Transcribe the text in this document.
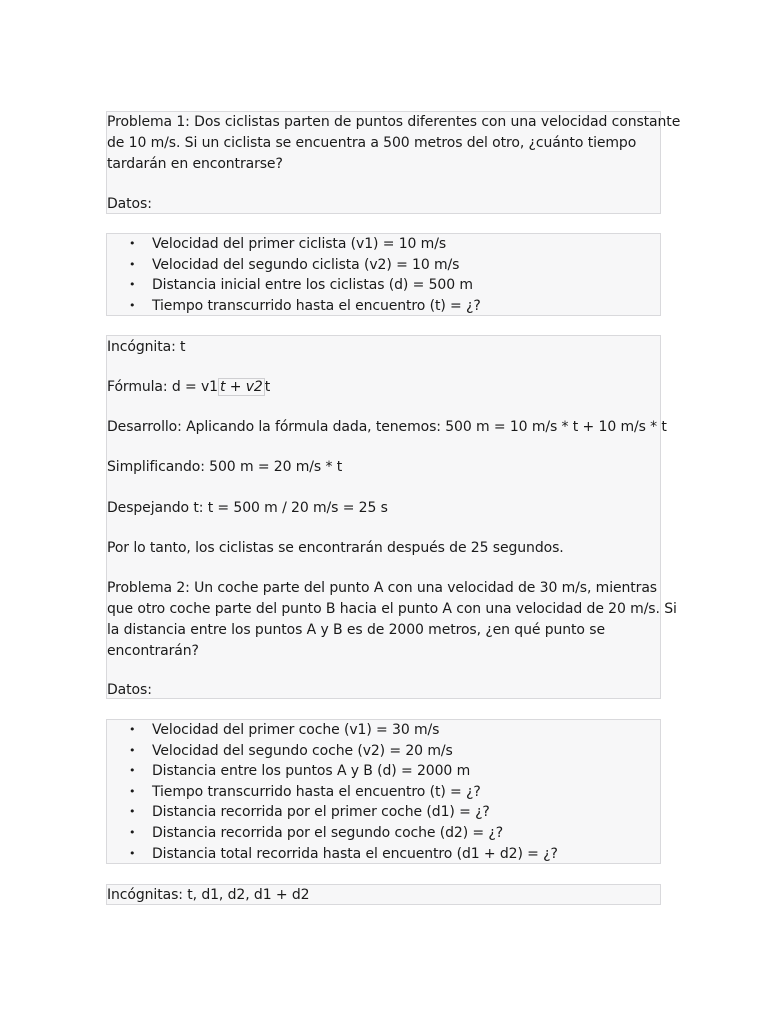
Problema 1: Dos ciclistas parten de puntos diferentes con una velocidad constante

de 10 m/s. Si un ciclista se encuentra a 500 metros del otro, ¿cuánto tiempo

tardarán en encontrarse?

Datos:

• Velocidad del primer ciclista (v1) = 10 m/s
• Velocidad del segundo ciclista (v2) = 10 m/s
• Distancia inicial entre los ciclistas (d) = 500 m
• Tiempo transcurrido hasta el encuentro (t) = ¿?

Incógnita: t

Fórmula: d = v1 t + v2 t

Desarrollo: Aplicando la fórmula dada, tenemos: 500 m = 10 m/s * t + 10 m/s * t

Simplificando: 500 m = 20 m/s * t

Despejando t: t = 500 m / 20 m/s = 25 s

Por lo tanto, los ciclistas se encontrarán después de 25 segundos.

Problema 2: Un coche parte del punto A con una velocidad de 30 m/s, mientras

que otro coche parte del punto B hacia el punto A con una velocidad de 20 m/s. Si

la distancia entre los puntos A y B es de 2000 metros, ¿en qué punto se

encontrarán?

Datos:

• Velocidad del primer coche (v1) = 30 m/s
• Velocidad del segundo coche (v2) = 20 m/s
• Distancia entre los puntos A y B (d) = 2000 m
• Tiempo transcurrido hasta el encuentro (t) = ¿?
• Distancia recorrida por el primer coche (d1) = ¿?
• Distancia recorrida por el segundo coche (d2) = ¿?
• Distancia total recorrida hasta el encuentro (d1 + d2) = ¿?

Incógnitas: t, d1, d2, d1 + d2
